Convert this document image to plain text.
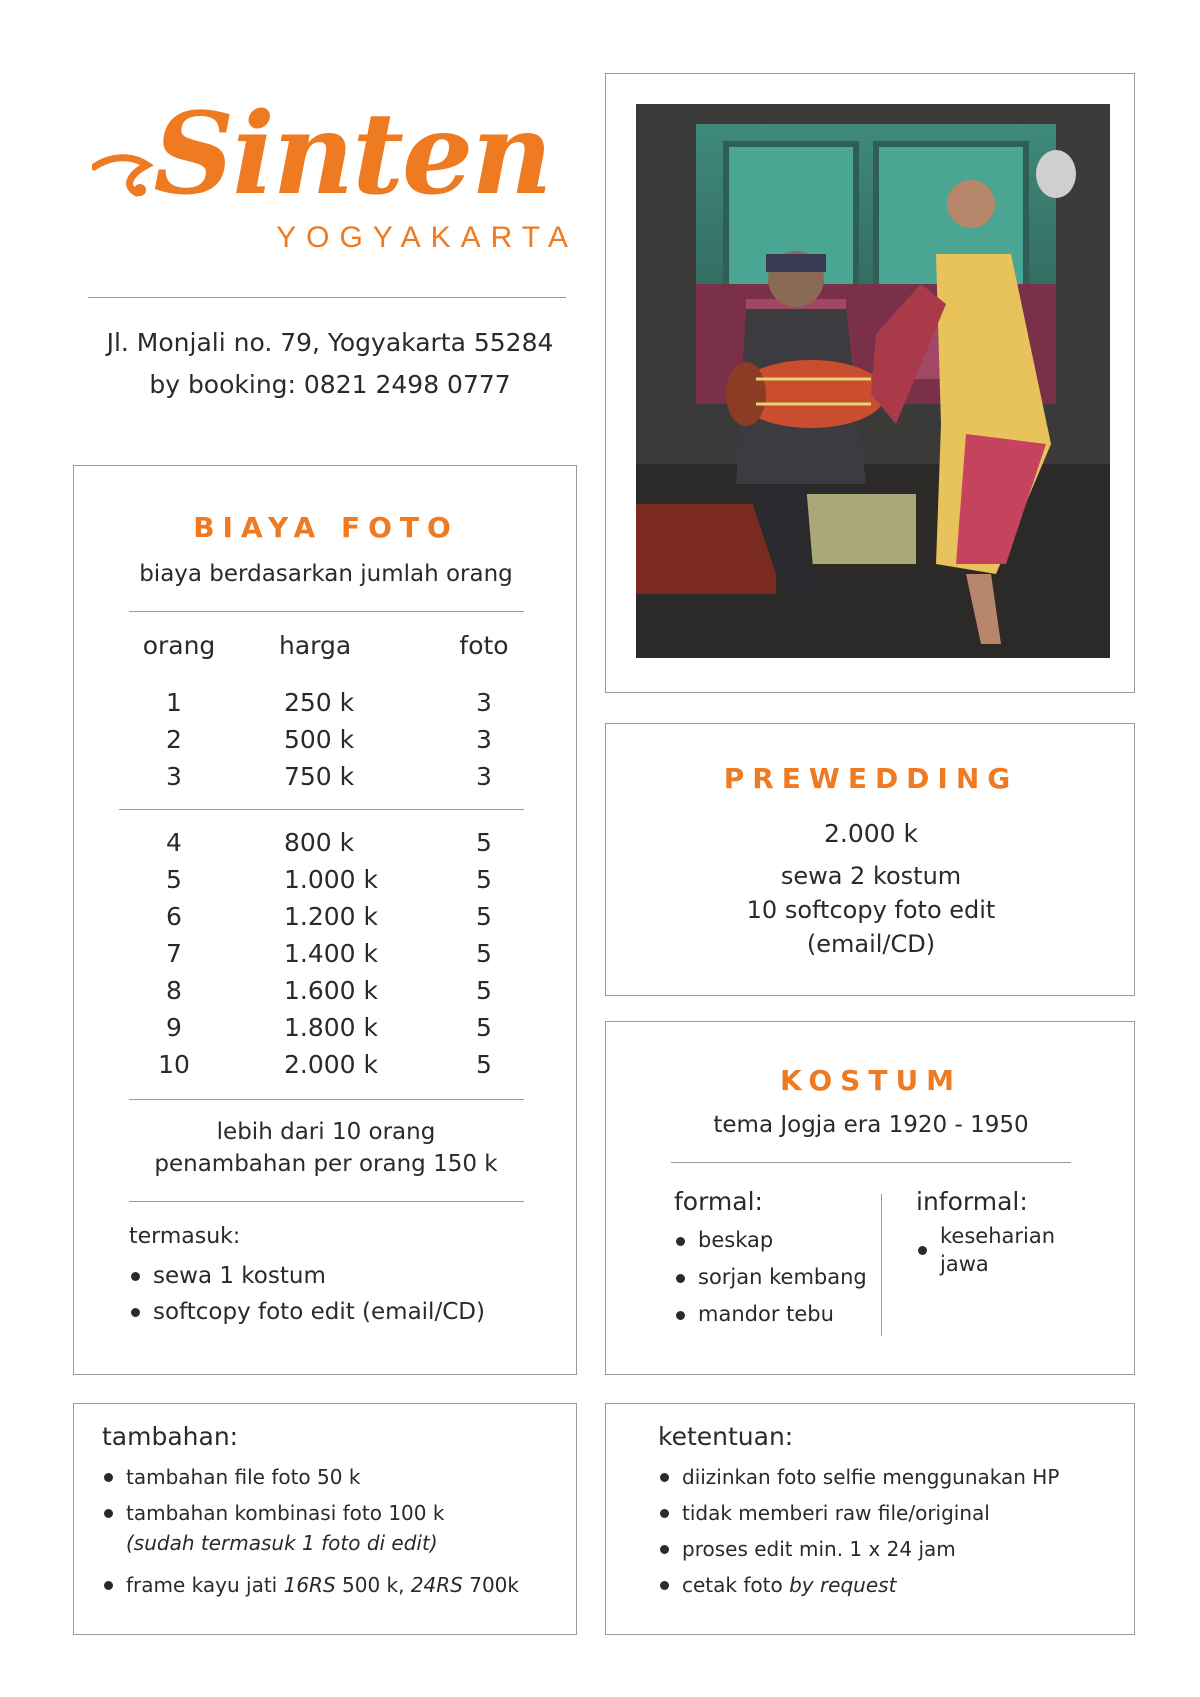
Sinten
YOGYAKARTA
Jl. Monjali no. 79, Yogyakarta 55284
by booking: 0821 2498 0777
BIAYA FOTO
biaya berdasarkan jumlah orang
orang	harga	foto
1	250 k	3
2	500 k	3
3	750 k	3
4	800 k	5
5	1.000 k	5
6	1.200 k	5
7	1.400 k	5
8	1.600 k	5
9	1.800 k	5
10	2.000 k	5
lebih dari 10 orang
penambahan per orang 150 k
termasuk:
sewa 1 kostum
softcopy foto edit (email/CD)
PREWEDDING
2.000 k
sewa 2 kostum
10 softcopy foto edit
(email/CD)
KOSTUM
tema Jogja era 1920 - 1950
formal:
beskap
sorjan kembang
mandor tebu
informal:
keseharian
jawa
tambahan:
tambahan file foto 50 k
tambahan kombinasi foto 100 k
(sudah termasuk 1 foto di edit)
frame kayu jati 16RS 500 k, 24RS 700k
ketentuan:
diizinkan foto selfie menggunakan HP
tidak memberi raw file/original
proses edit min. 1 x 24 jam
cetak foto by request
